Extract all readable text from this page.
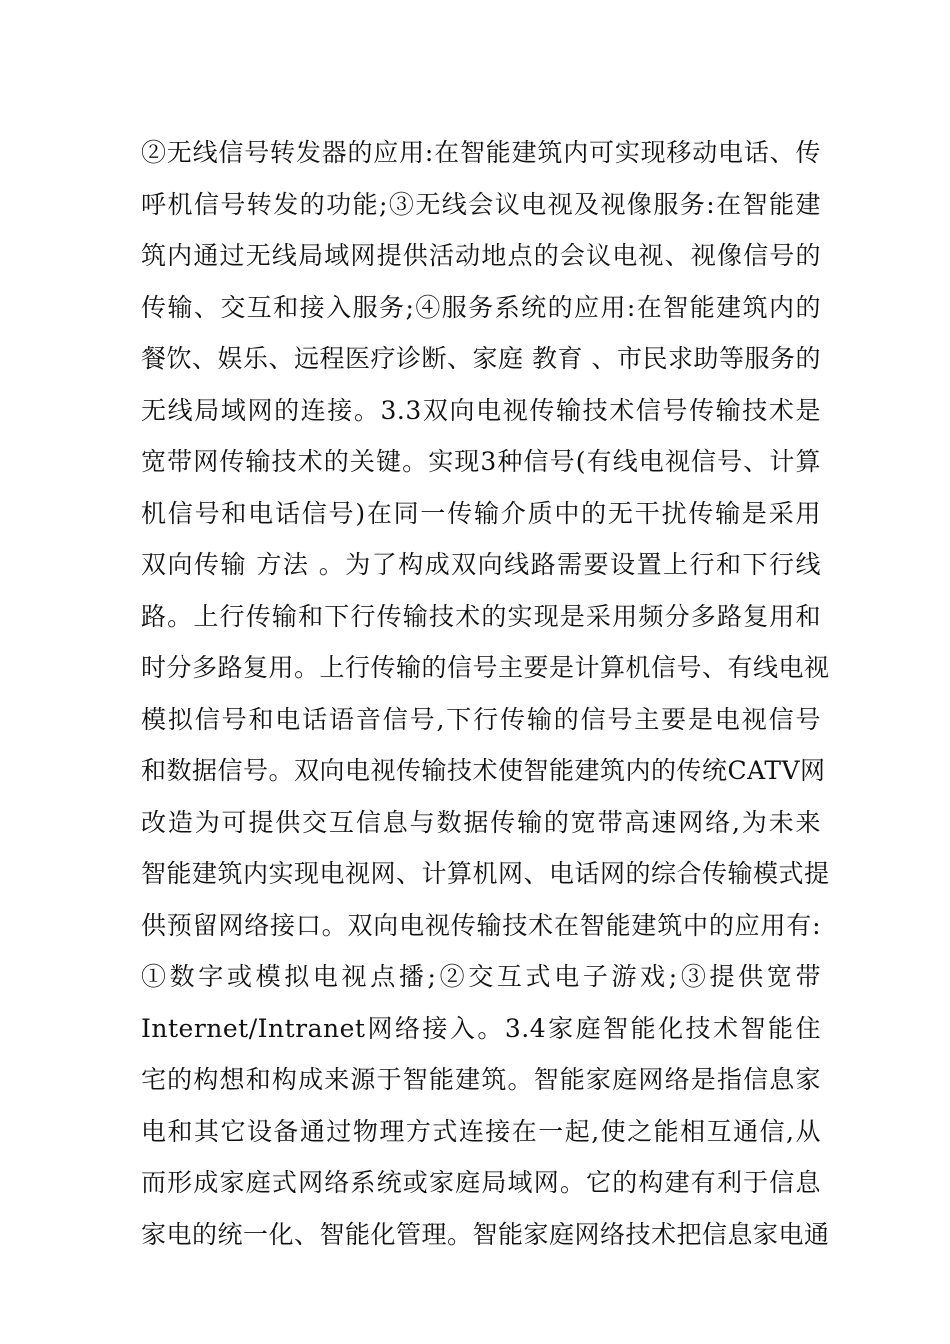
②无线信号转发器的应用:在智能建筑内可实现移动电话、传
呼机信号转发的功能;③无线会议电视及视像服务:在智能建
筑内通过无线局域网提供活动地点的会议电视、视像信号的
传输、交互和接入服务;④服务系统的应用:在智能建筑内的
餐饮、娱乐、远程医疗诊断、家庭 教育 、市民求助等服务的
无线局域网的连接。3.3双向电视传输技术信号传输技术是
宽带网传输技术的关键。实现3种信号(有线电视信号、计算
机信号和电话信号)在同一传输介质中的无干扰传输是采用
双向传输 方法 。为了构成双向线路需要设置上行和下行线
路。上行传输和下行传输技术的实现是采用频分多路复用和
时分多路复用。上行传输的信号主要是计算机信号、有线电视
模拟信号和电话语音信号,下行传输的信号主要是电视信号
和数据信号。双向电视传输技术使智能建筑内的传统CATV网
改造为可提供交互信息与数据传输的宽带高速网络,为未来
智能建筑内实现电视网、计算机网、电话网的综合传输模式提
供预留网络接口。双向电视传输技术在智能建筑中的应用有:
①数字或模拟电视点播;②交互式电子游戏;③提供宽带
Internet/Intranet网络接入。3.4家庭智能化技术智能住
宅的构想和构成来源于智能建筑。智能家庭网络是指信息家
电和其它设备通过物理方式连接在一起,使之能相互通信,从
而形成家庭式网络系统或家庭局域网。它的构建有利于信息
家电的统一化、智能化管理。智能家庭网络技术把信息家电通
